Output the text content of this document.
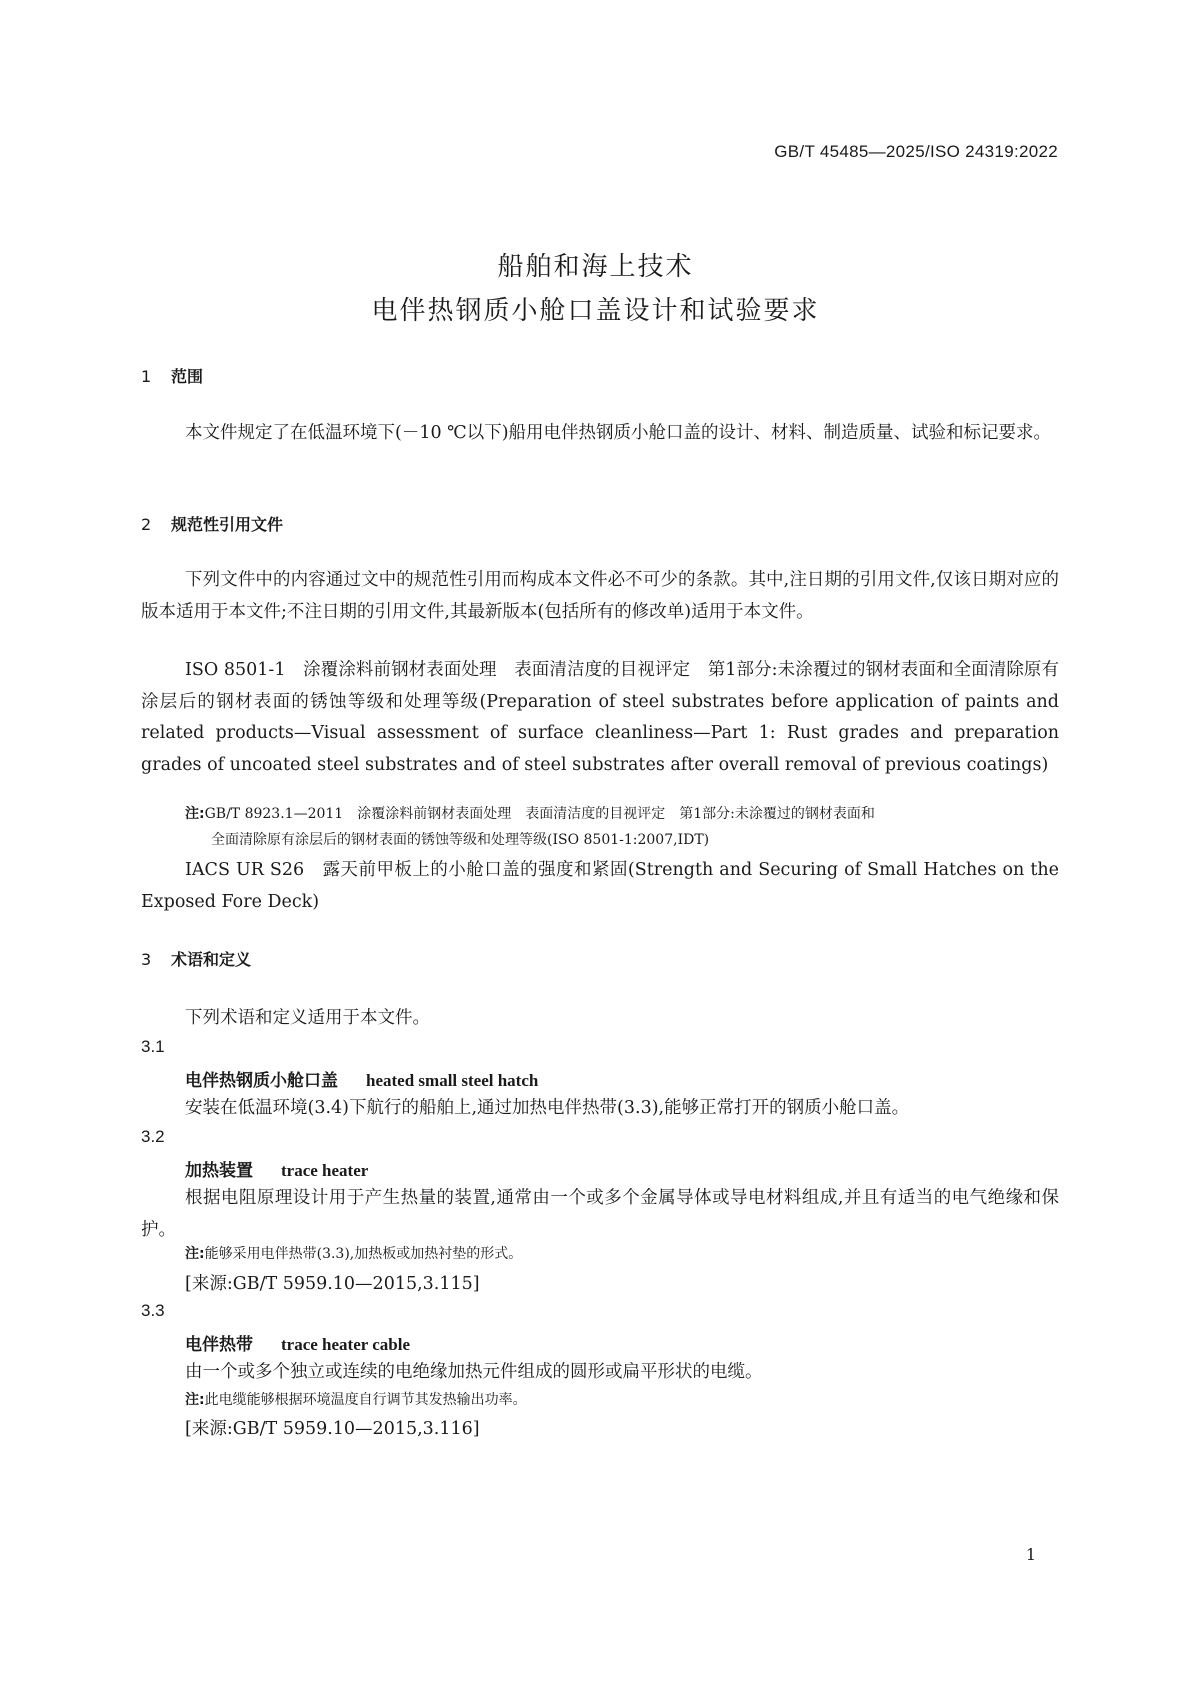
GB/T 45485—2025/ISO 24319:2022
船舶和海上技术
电伴热钢质小舱口盖设计和试验要求
1 范围
本文件规定了在低温环境下(－10 ℃以下)船用电伴热钢质小舱口盖的设计、材料、制造质量、试验和标记要求。
2 规范性引用文件
下列文件中的内容通过文中的规范性引用而构成本文件必不可少的条款。其中,注日期的引用文件,仅该日期对应的版本适用于本文件;不注日期的引用文件,其最新版本(包括所有的修改单)适用于本文件。
ISO 8501-1　涂覆涂料前钢材表面处理　表面清洁度的目视评定　第1部分:未涂覆过的钢材表面和全面清除原有涂层后的钢材表面的锈蚀等级和处理等级(Preparation of steel substrates before application of paints and related products—Visual assessment of surface cleanliness—Part 1: Rust grades and preparation grades of uncoated steel substrates and of steel substrates after overall removal of previous coatings)
注:GB/T 8923.1—2011　涂覆涂料前钢材表面处理　表面清洁度的目视评定　第1部分:未涂覆过的钢材表面和
全面清除原有涂层后的钢材表面的锈蚀等级和处理等级(ISO 8501-1:2007,IDT)
IACS UR S26　露天前甲板上的小舱口盖的强度和紧固(Strength and Securing of Small Hatches on the Exposed Fore Deck)
3 术语和定义
下列术语和定义适用于本文件。
3.1
电伴热钢质小舱口盖 heated small steel hatch
安装在低温环境(3.4)下航行的船舶上,通过加热电伴热带(3.3),能够正常打开的钢质小舱口盖。
3.2
加热装置 trace heater
根据电阻原理设计用于产生热量的装置,通常由一个或多个金属导体或导电材料组成,并且有适当的电气绝缘和保护。
注:能够采用电伴热带(3.3),加热板或加热衬垫的形式。
[来源:GB/T 5959.10—2015,3.115]
3.3
电伴热带 trace heater cable
由一个或多个独立或连续的电绝缘加热元件组成的圆形或扁平形状的电缆。
注:此电缆能够根据环境温度自行调节其发热输出功率。
[来源:GB/T 5959.10—2015,3.116]
1
